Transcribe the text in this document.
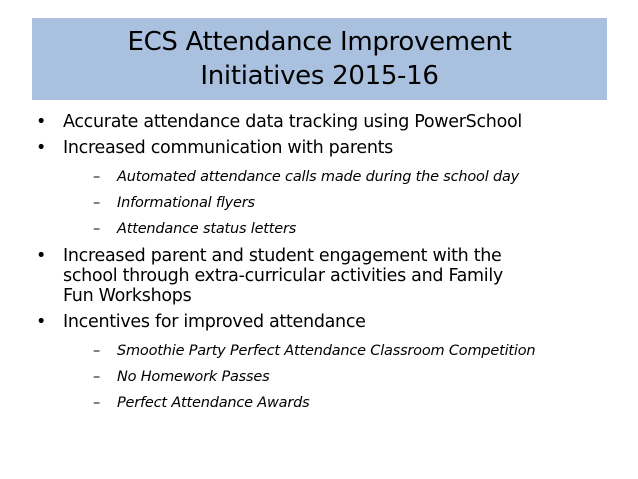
ECS Attendance Improvement
Initiatives 2015-16
• Accurate attendance data tracking using PowerSchool
• Increased communication with parents
– Automated attendance calls made during the school day
– Informational flyers
– Attendance status letters
• Increased parent and student engagement with the
school through extra-curricular activities and Family
Fun Workshops
• Incentives for improved attendance
– Smoothie Party Perfect Attendance Classroom Competition
– No Homework Passes
– Perfect Attendance Awards
